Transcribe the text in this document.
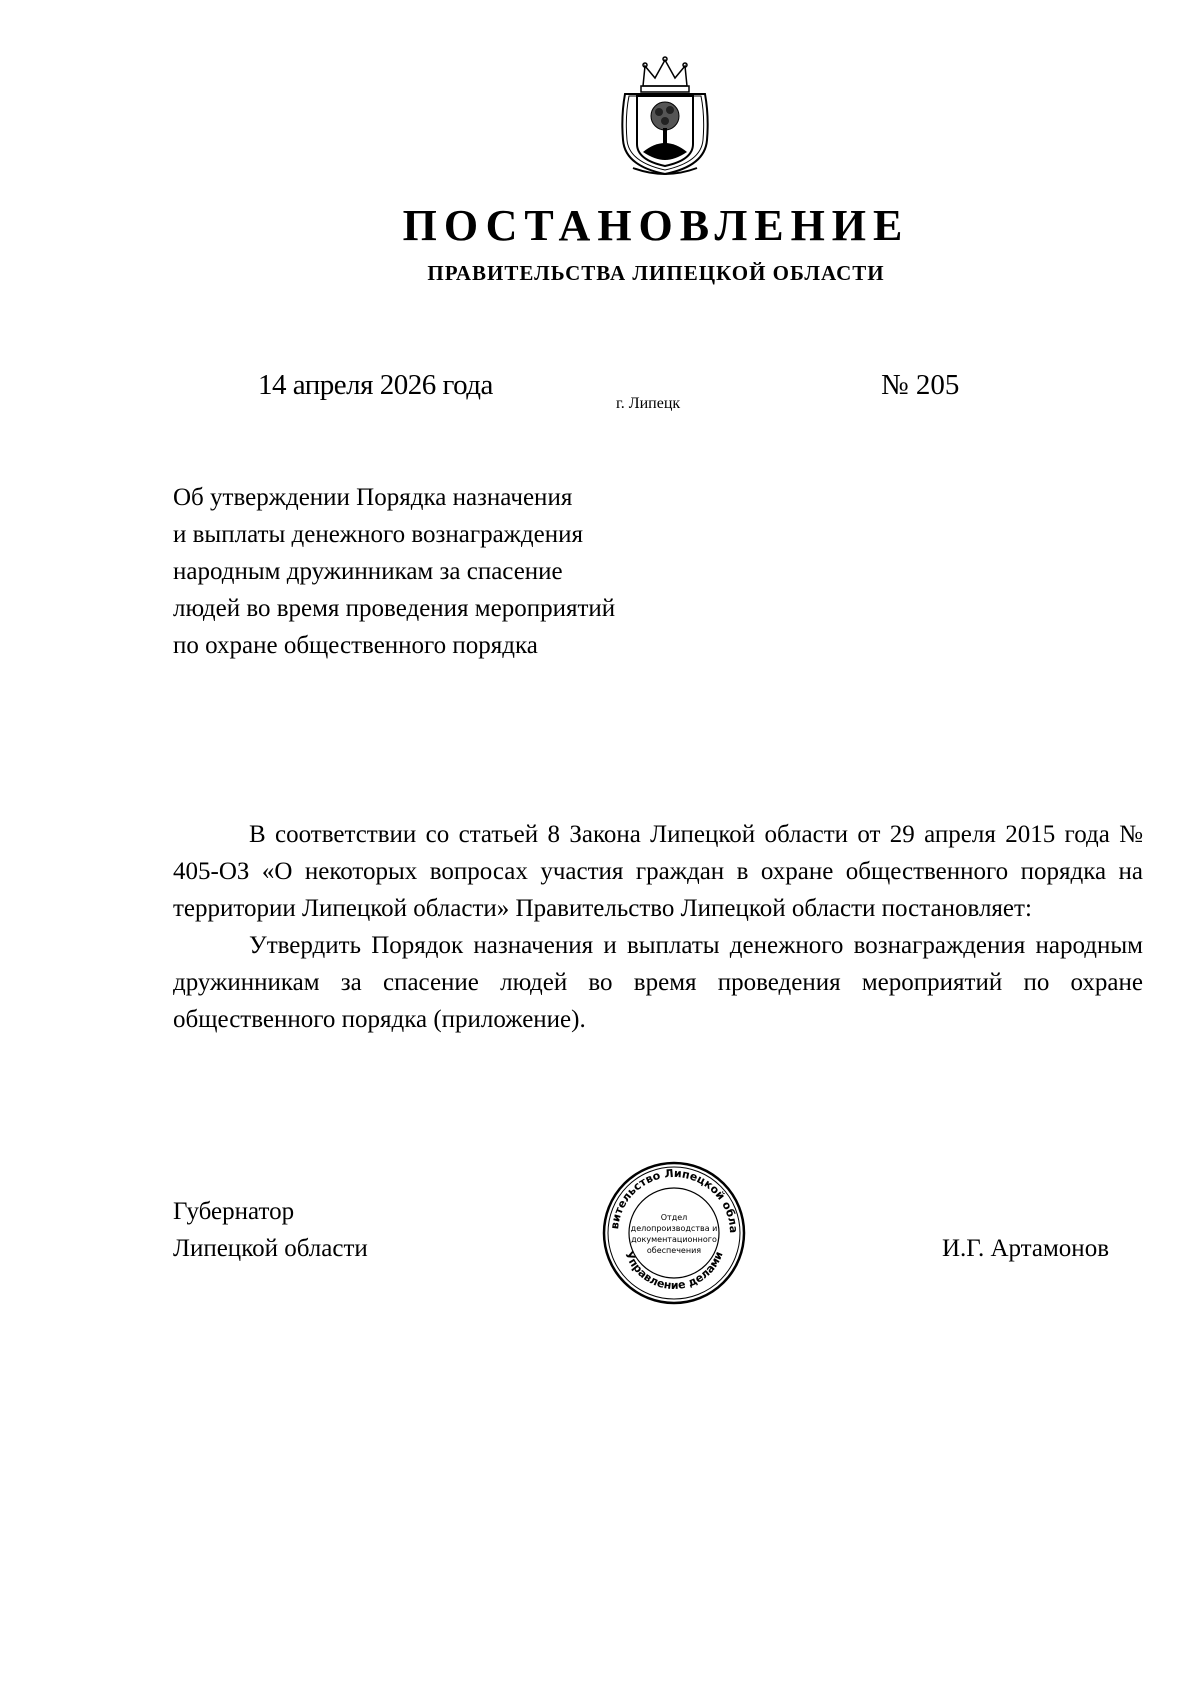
ПОСТАНОВЛЕНИЕ
ПРАВИТЕЛЬСТВА ЛИПЕЦКОЙ ОБЛАСТИ
14 апреля 2026 года
г. Липецк
№ 205
Об утверждении Порядка назначения
и выплаты денежного вознаграждения
народным дружинникам за спасение
людей во время проведения мероприятий
по охране общественного порядка

В соответствии со статьей 8 Закона Липецкой области от 29 апреля 2015 года № 405-ОЗ «О некоторых вопросах участия граждан в охране общественного порядка на территории Липецкой области» Правительство Липецкой области постановляет:

Утвердить Порядок назначения и выплаты денежного вознаграждения народным дружинникам за спасение людей во время проведения мероприятий по охране общественного порядка (приложение).

Губернатор
Липецкой области
вительство Липецкой обла
Управление делами
Отдел
делопроизводства и
документационного
обеспечения	И.Г. Артамонов
